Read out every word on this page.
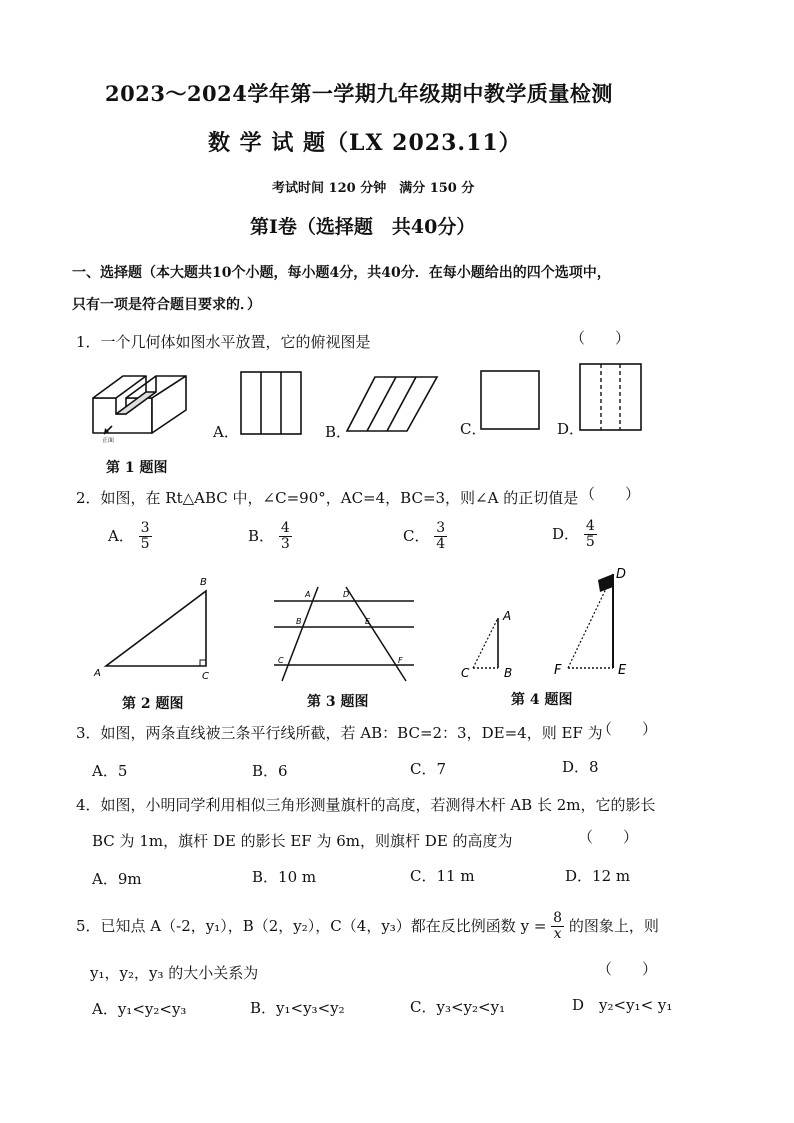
2023～2024学年第一学期九年级期中教学质量检测
数 学 试 题（LX 2023.11）
考试时间 120 分钟　满分 150 分
第Ⅰ卷（选择题　共40分）
一、选择题（本大题共10个小题，每小题4分，共40分．在每小题给出的四个选项中，
只有一项是符合题目要求的．）
1．一个几何体如图水平放置，它的俯视图是	（　　）
正面	A．	B．	C．	D．
第 1 题图
2．如图，在 Rt△ABC 中，∠C=90°，AC=4，BC=3，则∠A 的正切值是 （　　）
A． $\frac{3}{5}$	B． $\frac{4}{3}$	C． $\frac{3}{4}$	D． $\frac{4}{5}$
B
A	C
第 2 题图
A	D
B	E
C	F
第 3 题图
A
C	B
D
F	E
第 4 题图
3．如图，两条直线被三条平行线所截，若 AB：BC=2：3，DE=4，则 EF 为
（　　）
A．5	B．6	C．7	D．8
4．如图，小明同学利用相似三角形测量旗杆的高度，若测得木杆 AB 长 2m，它的影长
BC 为 1m，旗杆 DE 的影长 EF 为 6m，则旗杆 DE 的高度为	（　　）
A．9m	B．10 m	C．11 m	D．12 m
5．已知点 A（-2，y₁），B（2，y₂），C（4，y₃）都在反比例函数 $y = \frac{8}{x}$ 的图象上，则
y₁，y₂，y₃ 的大小关系为	（　　）
A．y₁<y₂<y₃	B．y₁<y₃<y₂	C．y₃<y₂<y₁	D　y₂<y₁< y₁
